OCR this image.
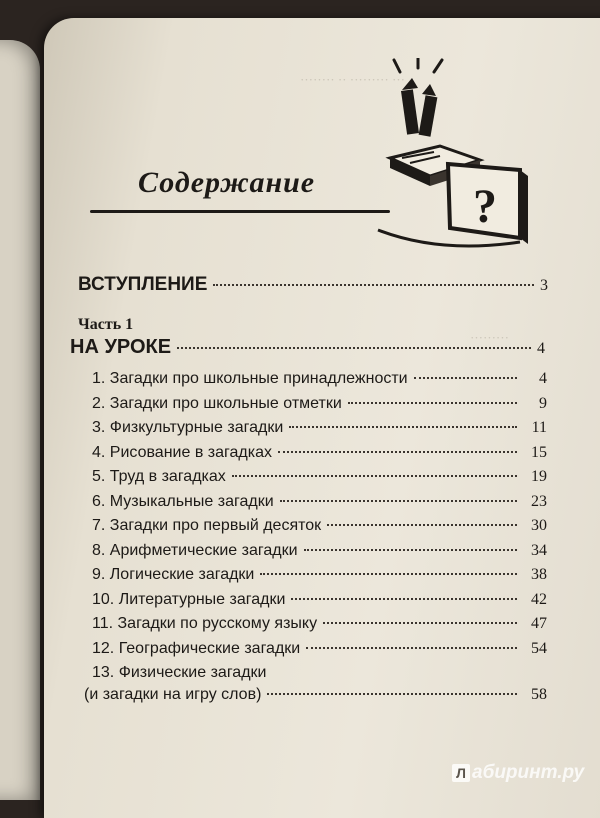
··· ········· ·· ········
·········
Содержание	?
ВСТУПЛЕНИЕ	3
Часть 1
НА УРОКЕ	4
1. Загадки про школьные принадлежности	4
2. Загадки про школьные отметки	9
3. Физкультурные загадки	11
4. Рисование в загадках	15
5. Труд в загадках	19
6. Музыкальные загадки	23
7. Загадки про первый десяток	30
8. Арифметические загадки	34
9. Логические загадки	38
10. Литературные загадки	42
11. Загадки по русскому языку	47
12. Географические загадки	54
13. Физические загадки
(и загадки на игру слов)	58
Л абиринт.ру
